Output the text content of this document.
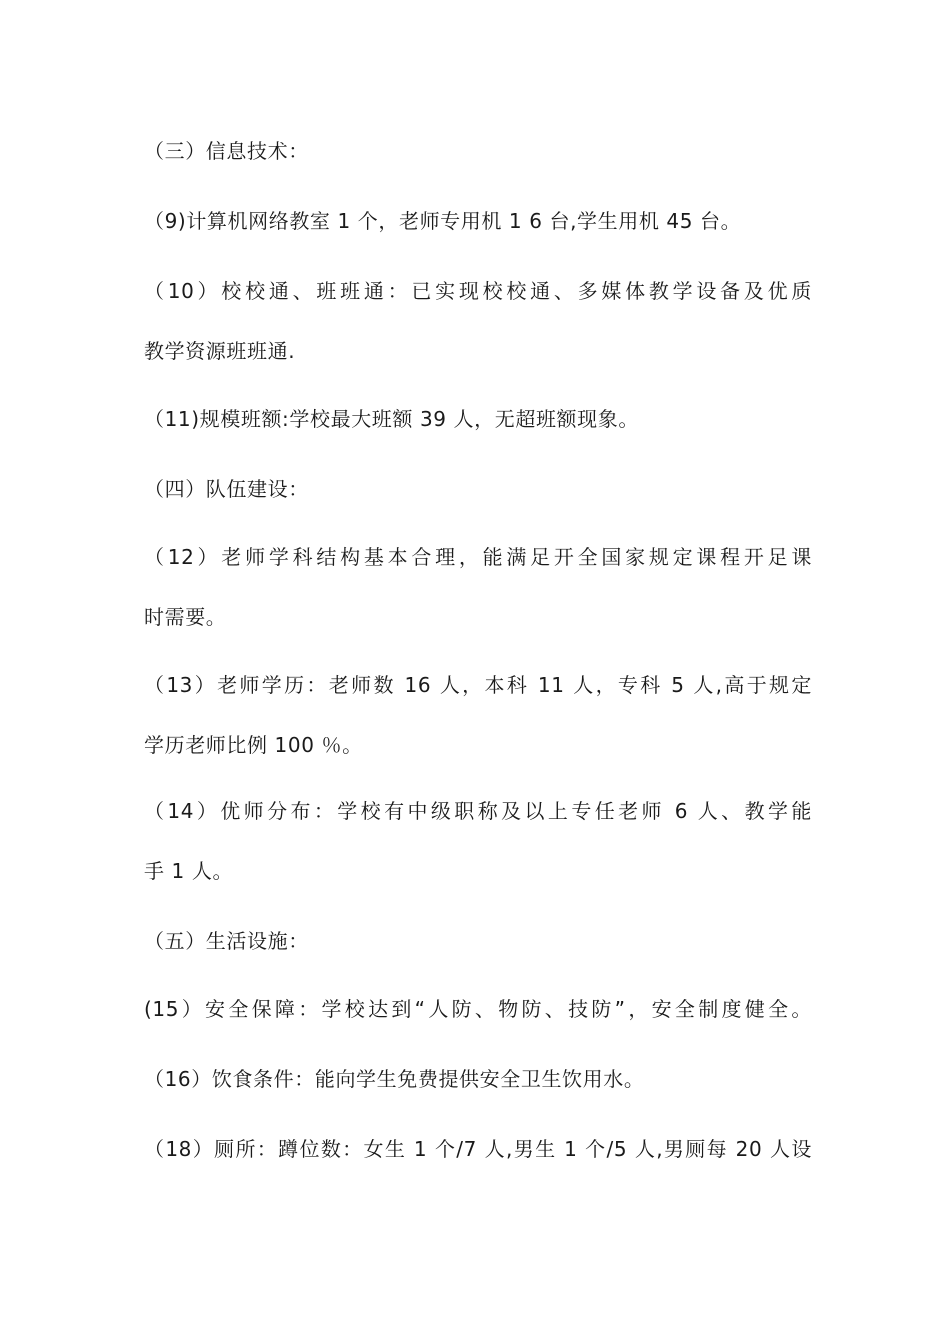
（三）信息技术：
（9)计算机网络教室 1 个，老师专用机 1 6 台,学生用机 45 台。
（10）校校通、班班通：已实现校校通、多媒体教学设备及优质
教学资源班班通.
（11)规模班额:学校最大班额 39 人，无超班额现象。
（四）队伍建设：
（12）老师学科结构基本合理，能满足开全国家规定课程开足课
时需要。
（13）老师学历：老师数 16 人，本科 11 人，专科 5 人,高于规定
学历老师比例 100 ％。
（14）优师分布：学校有中级职称及以上专任老师 6 人、教学能
手 1 人。
（五）生活设施：
(15）安全保障：学校达到“人防、物防、技防”，安全制度健全。
（16）饮食条件：能向学生免费提供安全卫生饮用水。
（18）厕所：蹲位数：女生 1 个/7 人,男生 1 个/5 人,男厕每 20 人设
